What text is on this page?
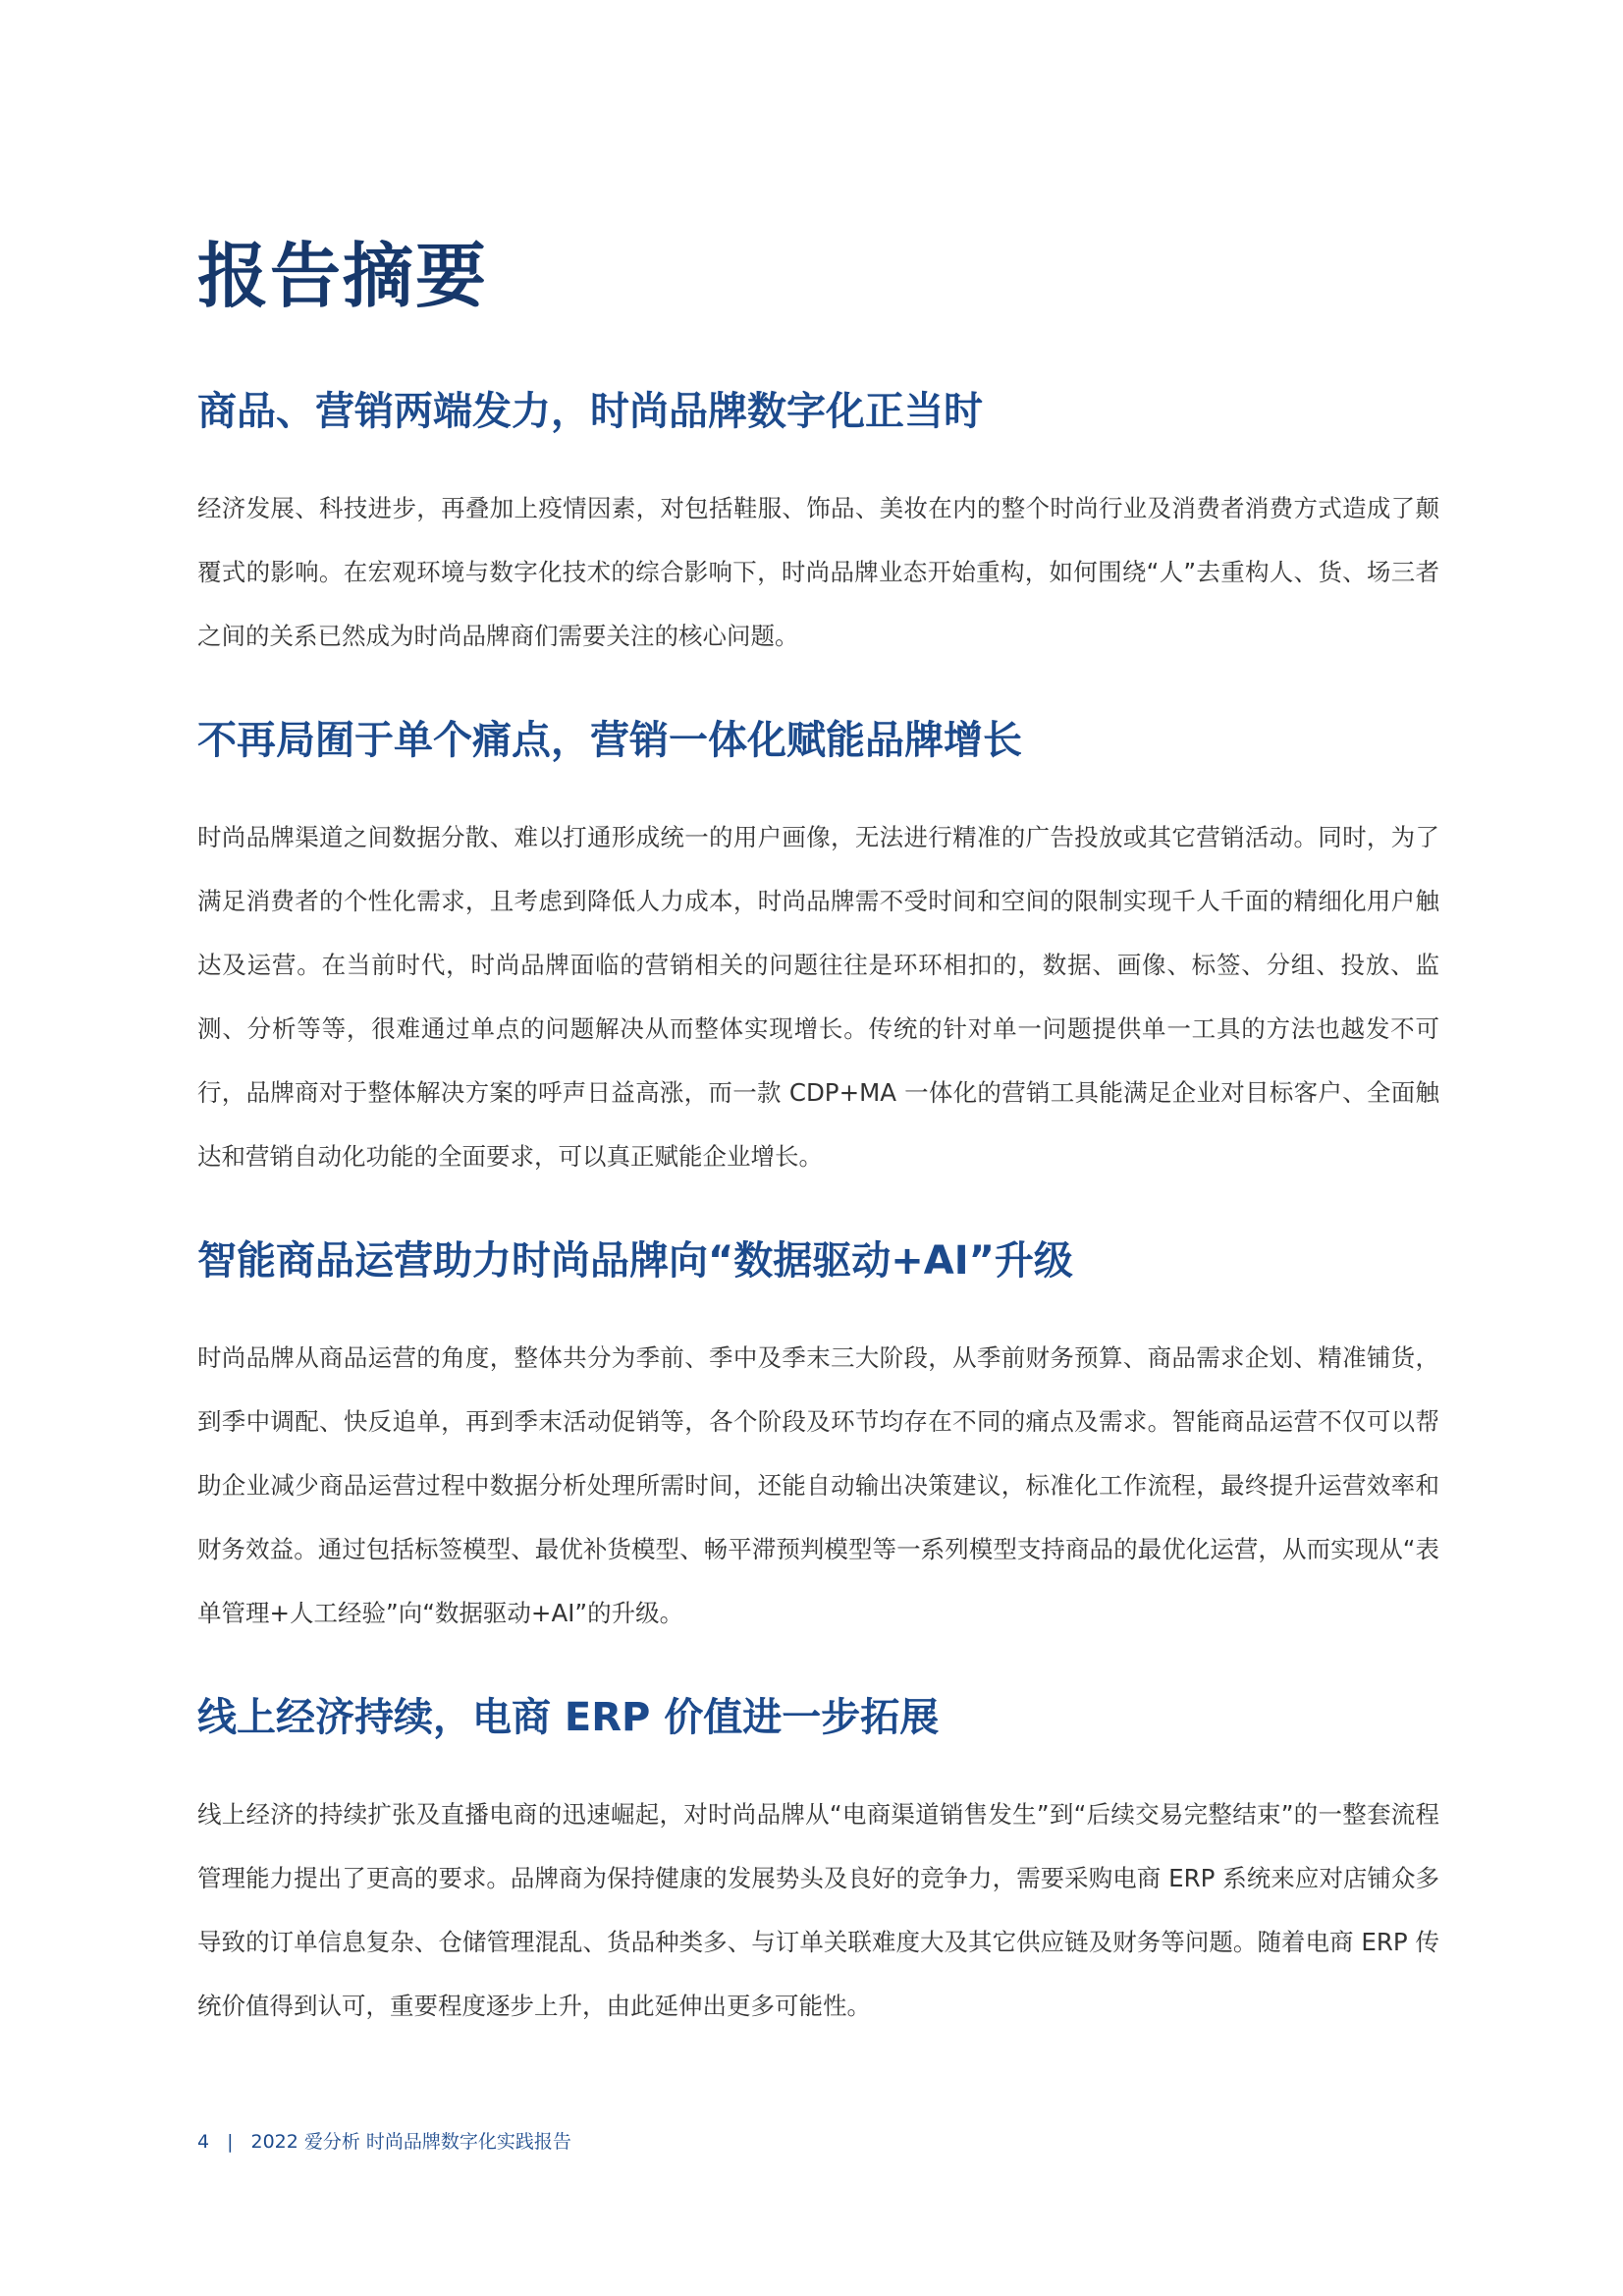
报告摘要
商品、营销两端发力，时尚品牌数字化正当时

经济发展、科技进步，再叠加上疫情因素，对包括鞋服、饰品、美妆在内的整个时尚行业及消费者消费方式造成了颠覆式的影响。在宏观环境与数字化技术的综合影响下，时尚品牌业态开始重构，如何围绕“人”去重构人、货、场三者之间的关系已然成为时尚品牌商们需要关注的核心问题。

不再局囿于单个痛点，营销一体化赋能品牌增长

时尚品牌渠道之间数据分散、难以打通形成统一的用户画像，无法进行精准的广告投放或其它营销活动。同时，为了满足消费者的个性化需求，且考虑到降低人力成本，时尚品牌需不受时间和空间的限制实现千人千面的精细化用户触达及运营。在当前时代，时尚品牌面临的营销相关的问题往往是环环相扣的，数据、画像、标签、分组、投放、监测、分析等等，很难通过单点的问题解决从而整体实现增长。传统的针对单一问题提供单一工具的方法也越发不可行，品牌商对于整体解决方案的呼声日益高涨，而一款 CDP+MA 一体化的营销工具能满足企业对目标客户、全面触达和营销自动化功能的全面要求，可以真正赋能企业增长。

智能商品运营助力时尚品牌向“数据驱动+AI”升级

时尚品牌从商品运营的角度，整体共分为季前、季中及季末三大阶段，从季前财务预算、商品需求企划、精准铺货，到季中调配、快反追单，再到季末活动促销等，各个阶段及环节均存在不同的痛点及需求。智能商品运营不仅可以帮助企业减少商品运营过程中数据分析处理所需时间，还能自动输出决策建议，标准化工作流程，最终提升运营效率和财务效益。通过包括标签模型、最优补货模型、畅平滞预判模型等一系列模型支持商品的最优化运营，从而实现从“表单管理+人工经验”向“数据驱动+AI”的升级。

线上经济持续，电商 ERP 价值进一步拓展

线上经济的持续扩张及直播电商的迅速崛起，对时尚品牌从“电商渠道销售发生”到“后续交易完整结束”的一整套流程管理能力提出了更高的要求。品牌商为保持健康的发展势头及良好的竞争力，需要采购电商 ERP 系统来应对店铺众多导致的订单信息复杂、仓储管理混乱、货品种类多、与订单关联难度大及其它供应链及财务等问题。随着电商 ERP 传统价值得到认可，重要程度逐步上升，由此延伸出更多可能性。

4 | 2022 爱分析 时尚品牌数字化实践报告
